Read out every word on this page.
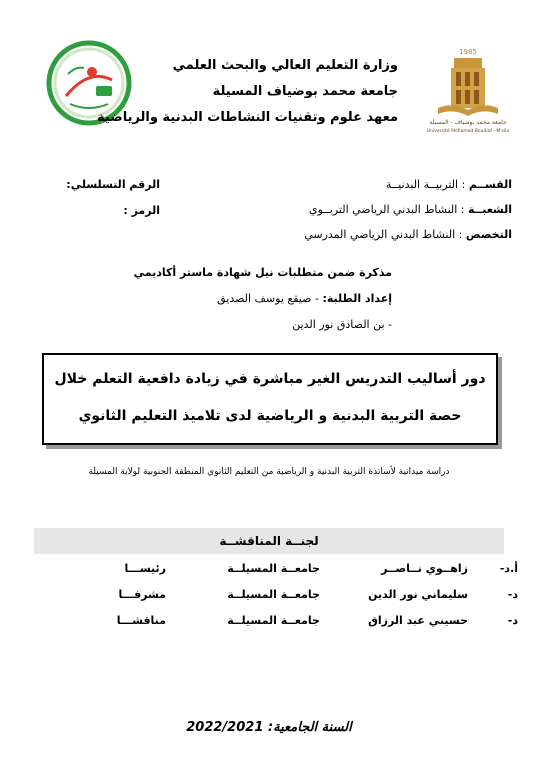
1985
جامعة محمد بوضياف - المسيلة
Université Mohamed Boudiaf - M'sila
وزارة التعليم العالي والبحث العلمي
جامعة محمد بوضياف المسيلة
معهد علوم وتقنيات النشاطات البدنية والرياضية
القســم : التربيــة البدنيــة
الشعبــة : النشاط البدني الرياضي التربــوي
التخصص : النشاط البدني الرياضي المدرسي
الرقم التسلسلي:
الرمز :
مذكرة ضمن متطلبات نيل شهادة ماستر أكاديمي
إعداد الطلبة: - صيقع يوسف الصديق
- بن الصادق نور الدين
دور أساليب التدريس الغير مباشرة في زيادة دافعية التعلم خلال
حصة التربية البدنية و الرياضية لدى تلاميذ التعليم الثانوي
دراسة ميدانية لأساتذة التربية البدنية و الرياضية من التعليم الثانوي المنطقة الجنوبية لولاية المسيلة
لجنــة المناقشــة
أ.د-
زاهــوي نــاصــر
جامعــة المسيلــة
رئيســـا
د-
سليماني نور الدين
جامعــة المسيلــة
مشرفـــا
د-
حسيني عبد الرزاق
جامعــة المسيلــة
مناقشـــا
السنة الجامعية: 2022/2021
